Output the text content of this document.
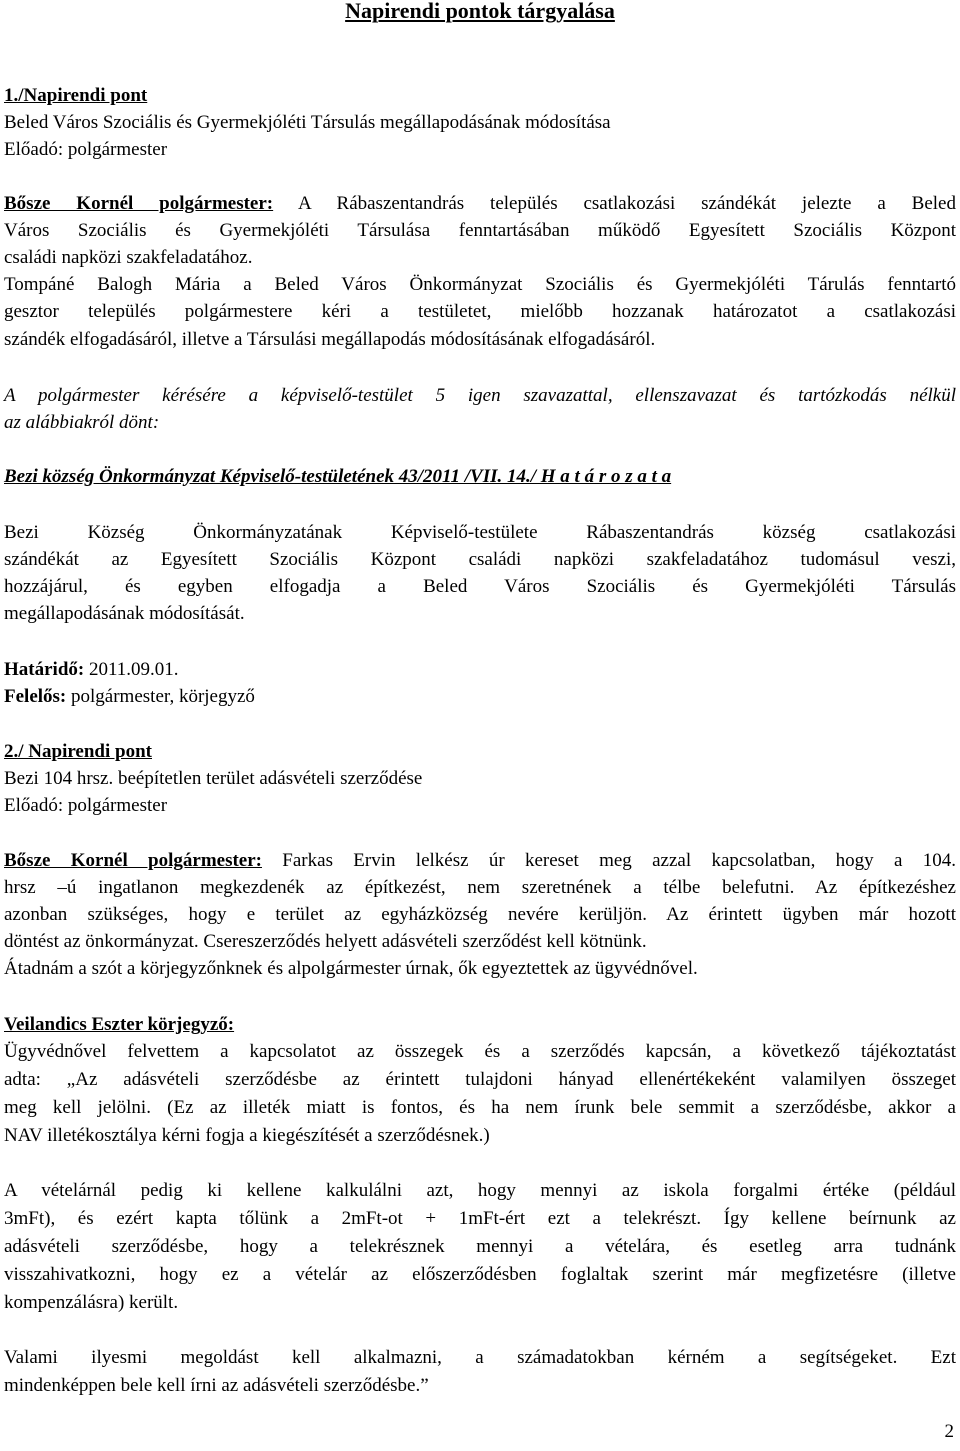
Napirendi pontok tárgyalása
1./Napirendi pont
Beled Város Szociális és Gyermekjóléti Társulás megállapodásának módosítása
Előadó: polgármester
Bősze Kornél polgármester: A Rábaszentandrás település csatlakozási szándékát jelezte a Beled
Város Szociális és Gyermekjóléti Társulása fenntartásában működő Egyesített Szociális Központ
családi napközi szakfeladatához.
Tompáné Balogh Mária a Beled Város Önkormányzat Szociális és Gyermekjóléti Tárulás fenntartó
gesztor település polgármestere kéri a testületet, mielőbb hozzanak határozatot a csatlakozási
szándék elfogadásáról, illetve a Társulási megállapodás módosításának elfogadásáról.
A polgármester kérésére a képviselő-testület 5 igen szavazattal, ellenszavazat és tartózkodás nélkül
az alábbiakról dönt:
Bezi község Önkormányzat Képviselő-testületének 43/2011 /VII. 14./ H a t á r o z a t a
Bezi Község Önkormányzatának Képviselő-testülete Rábaszentandrás község csatlakozási
szándékát az Egyesített Szociális Központ családi napközi szakfeladatához tudomásul veszi,
hozzájárul, és egyben elfogadja a Beled Város Szociális és Gyermekjóléti Társulás
megállapodásának módosítását.
Határidő: 2011.09.01.
Felelős: polgármester, körjegyző
2./ Napirendi pont
Bezi 104 hrsz. beépítetlen terület adásvételi szerződése
Előadó: polgármester
Bősze Kornél polgármester: Farkas Ervin lelkész úr kereset meg azzal kapcsolatban, hogy a 104.
hrsz –ú ingatlanon megkezdenék az építkezést, nem szeretnének a télbe belefutni. Az építkezéshez
azonban szükséges, hogy e terület az egyházközség nevére kerüljön. Az érintett ügyben már hozott
döntést az önkormányzat. Csereszerződés helyett adásvételi szerződést kell kötnünk.
Átadnám a szót a körjegyzőnknek és alpolgármester úrnak, ők egyeztettek az ügyvédnővel.
Veilandics Eszter körjegyző:
Ügyvédnővel felvettem a kapcsolatot az összegek és a szerződés kapcsán, a következő tájékoztatást
adta: „Az adásvételi szerződésbe az érintett tulajdoni hányad ellenértékeként valamilyen összeget
meg kell jelölni. (Ez az illeték miatt is fontos, és ha nem írunk bele semmit a szerződésbe, akkor a
NAV illetékosztálya kérni fogja a kiegészítését a szerződésnek.)
A vételárnál pedig ki kellene kalkulálni azt, hogy mennyi az iskola forgalmi értéke (például
3mFt), és ezért kapta tőlünk a 2mFt-ot + 1mFt-ért ezt a telekrészt. Így kellene beírnunk az
adásvételi szerződésbe, hogy a telekrésznek mennyi a vételára, és esetleg arra tudnánk
visszahivatkozni, hogy ez a vételár az előszerződésben foglaltak szerint már megfizetésre (illetve
kompenzálásra) került.
Valami ilyesmi megoldást kell alkalmazni, a számadatokban kérném a segítségeket. Ezt
mindenképpen bele kell írni az adásvételi szerződésbe.”
2
